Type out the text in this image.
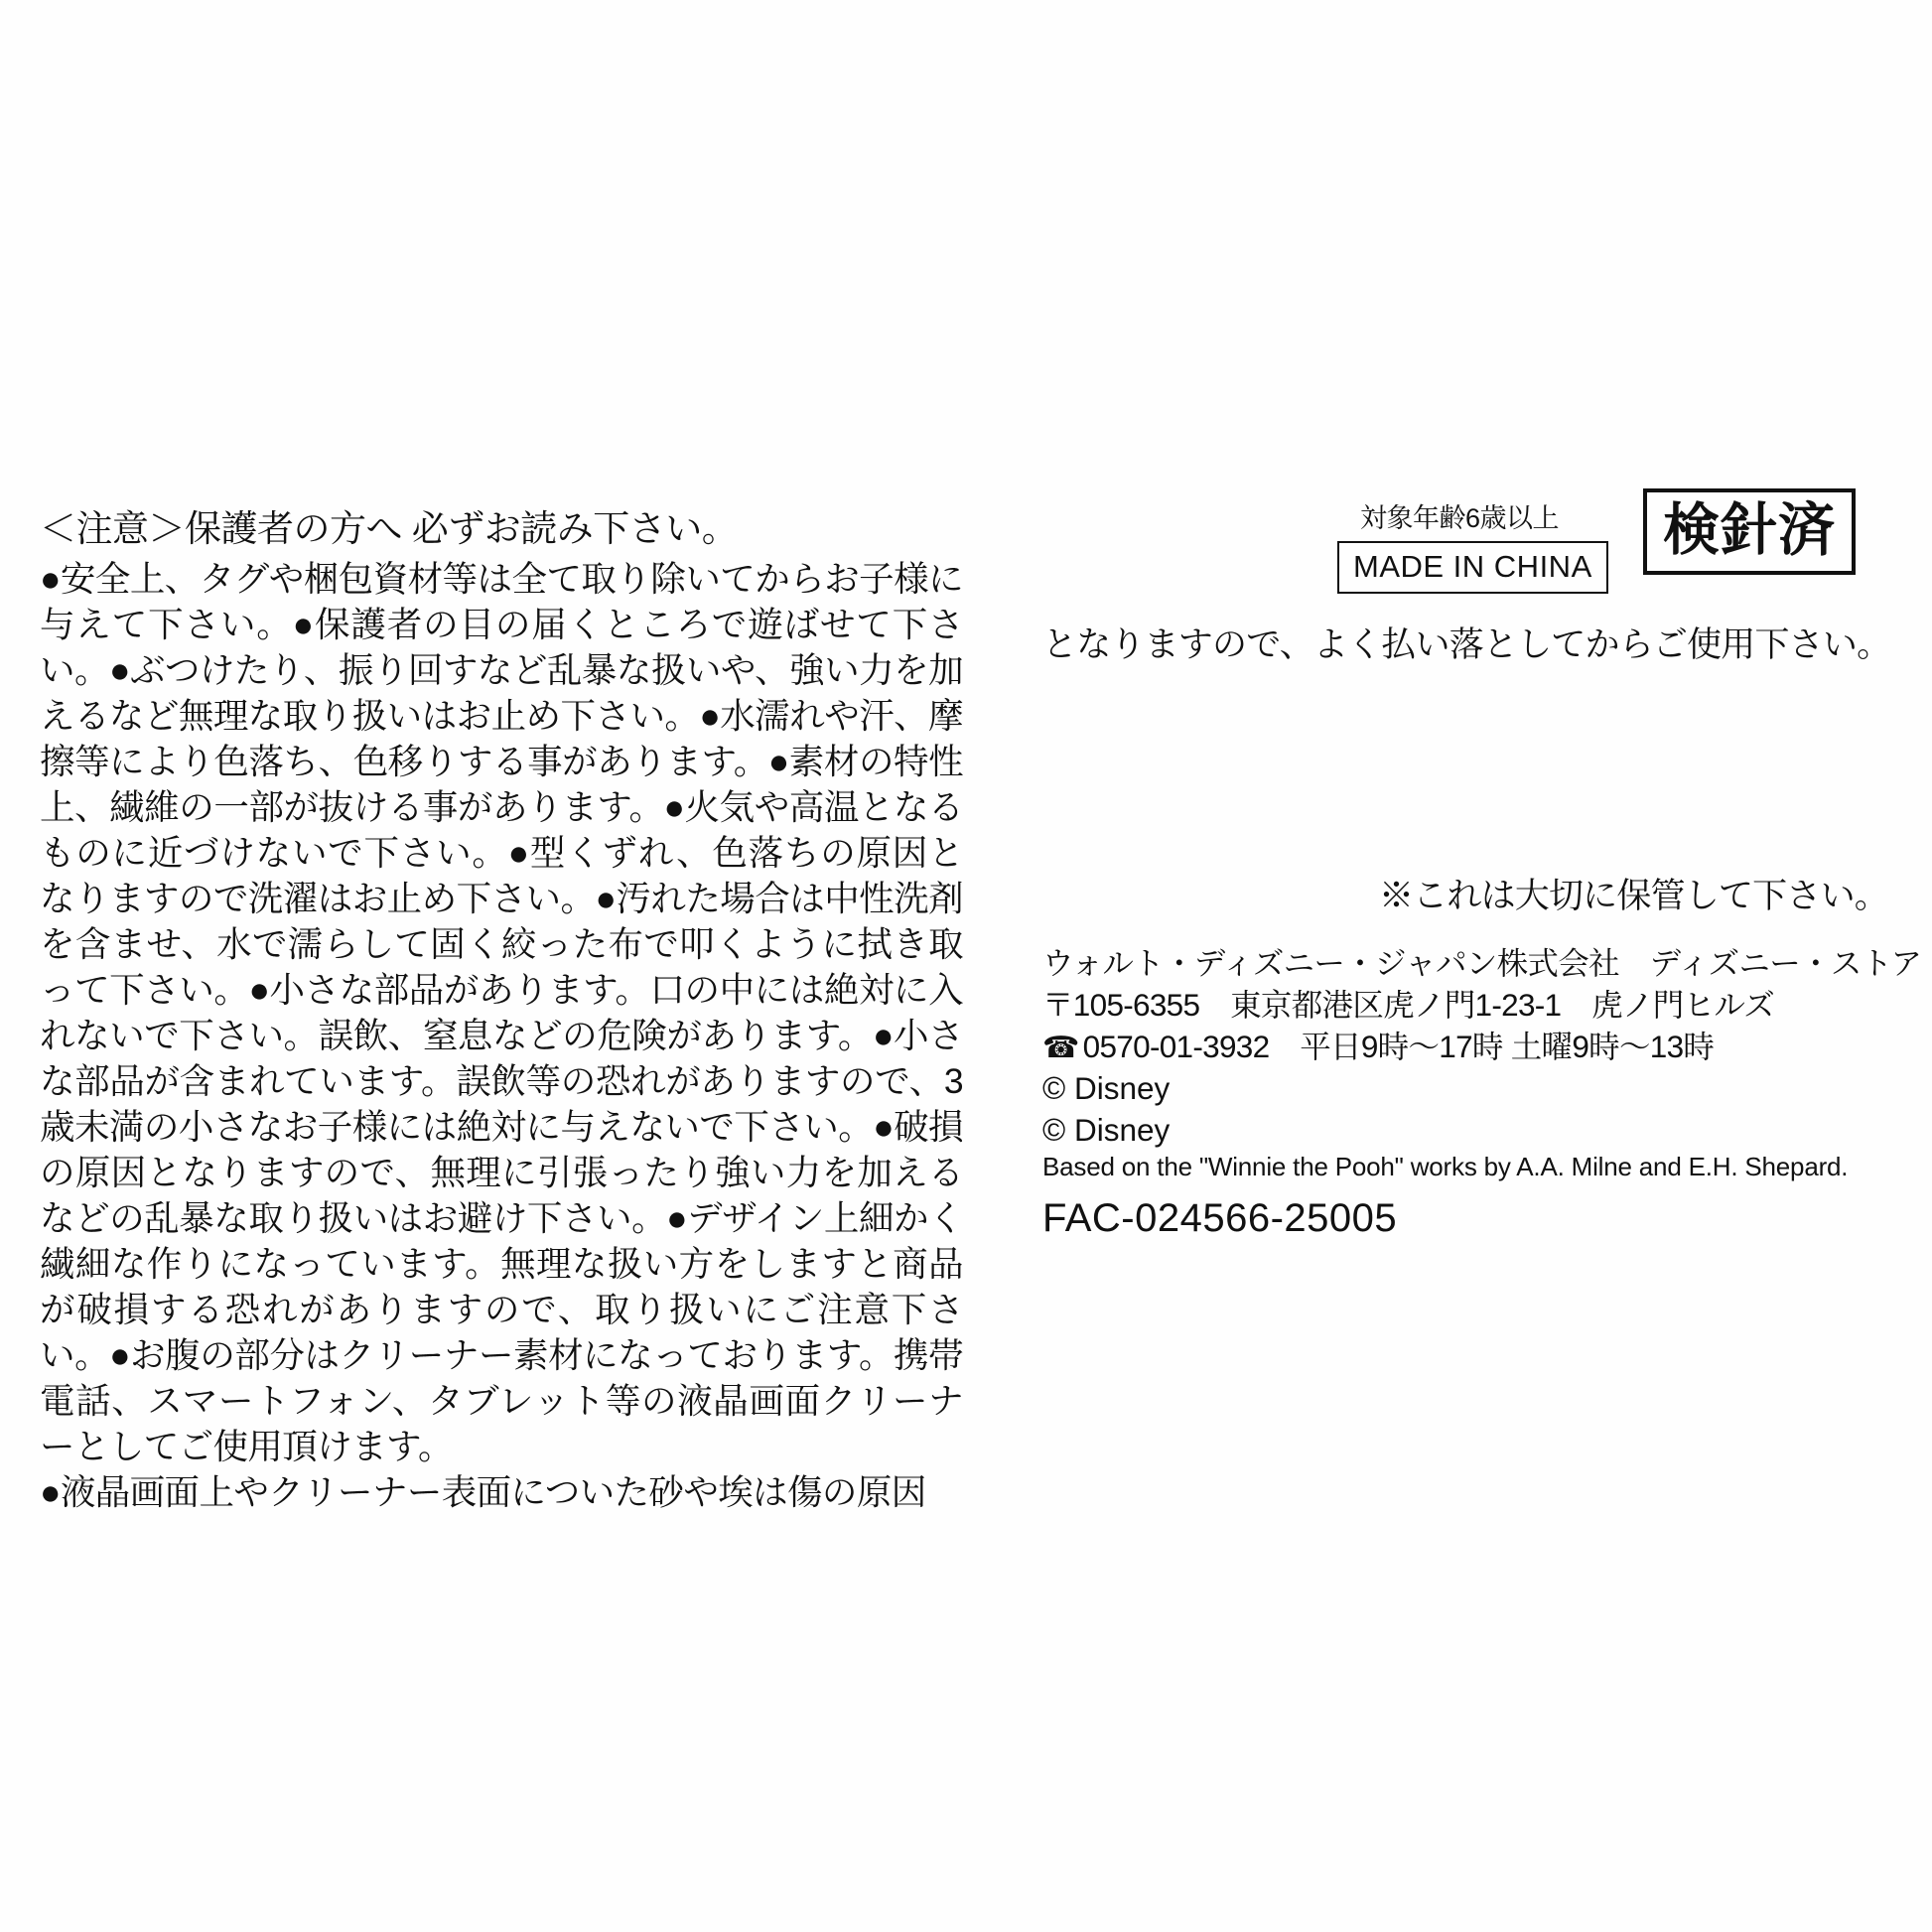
＜注意＞保護者の方へ 必ずお読み下さい。
●安全上、タグや梱包資材等は全て取り除いてからお子様に与えて下さい。●保護者の目の届くところで遊ばせて下さい。●ぶつけたり、振り回すなど乱暴な扱いや、強い力を加えるなど無理な取り扱いはお止め下さい。●水濡れや汗、摩擦等により色落ち、色移りする事があります。●素材の特性上、繊維の一部が抜ける事があります。●火気や高温となるものに近づけないで下さい。●型くずれ、色落ちの原因となりますので洗濯はお止め下さい。●汚れた場合は中性洗剤を含ませ、水で濡らして固く絞った布で叩くように拭き取って下さい。●小さな部品があります。口の中には絶対に入れないで下さい。誤飲、窒息などの危険があります。●小さな部品が含まれています。誤飲等の恐れがありますので、3歳未満の小さなお子様には絶対に与えないで下さい。●破損の原因となりますので、無理に引張ったり強い力を加えるなどの乱暴な取り扱いはお避け下さい。●デザイン上細かく繊細な作りになっています。無理な扱い方をしますと商品が破損する恐れがありますので、取り扱いにご注意下さい。●お腹の部分はクリーナー素材になっております。携帯電話、スマートフォン、タブレット等の液晶画面クリーナーとしてご使用頂けます。
●液晶画面上やクリーナー表面についた砂や埃は傷の原因
対象年齢6歳以上
MADE IN CHINA
検針済
となりますので、よく払い落としてからご使用下さい。
※これは大切に保管して下さい。
ウォルト・ディズニー・ジャパン株式会社　ディズニー・ストア
〒105-6355　東京都港区虎ノ門1-23-1　虎ノ門ヒルズ
☎ 0570-01-3932　平日9時〜17時 土曜9時〜13時
© Disney
© Disney
Based on the "Winnie the Pooh" works by A.A. Milne and E.H. Shepard.
FAC-024566-25005
